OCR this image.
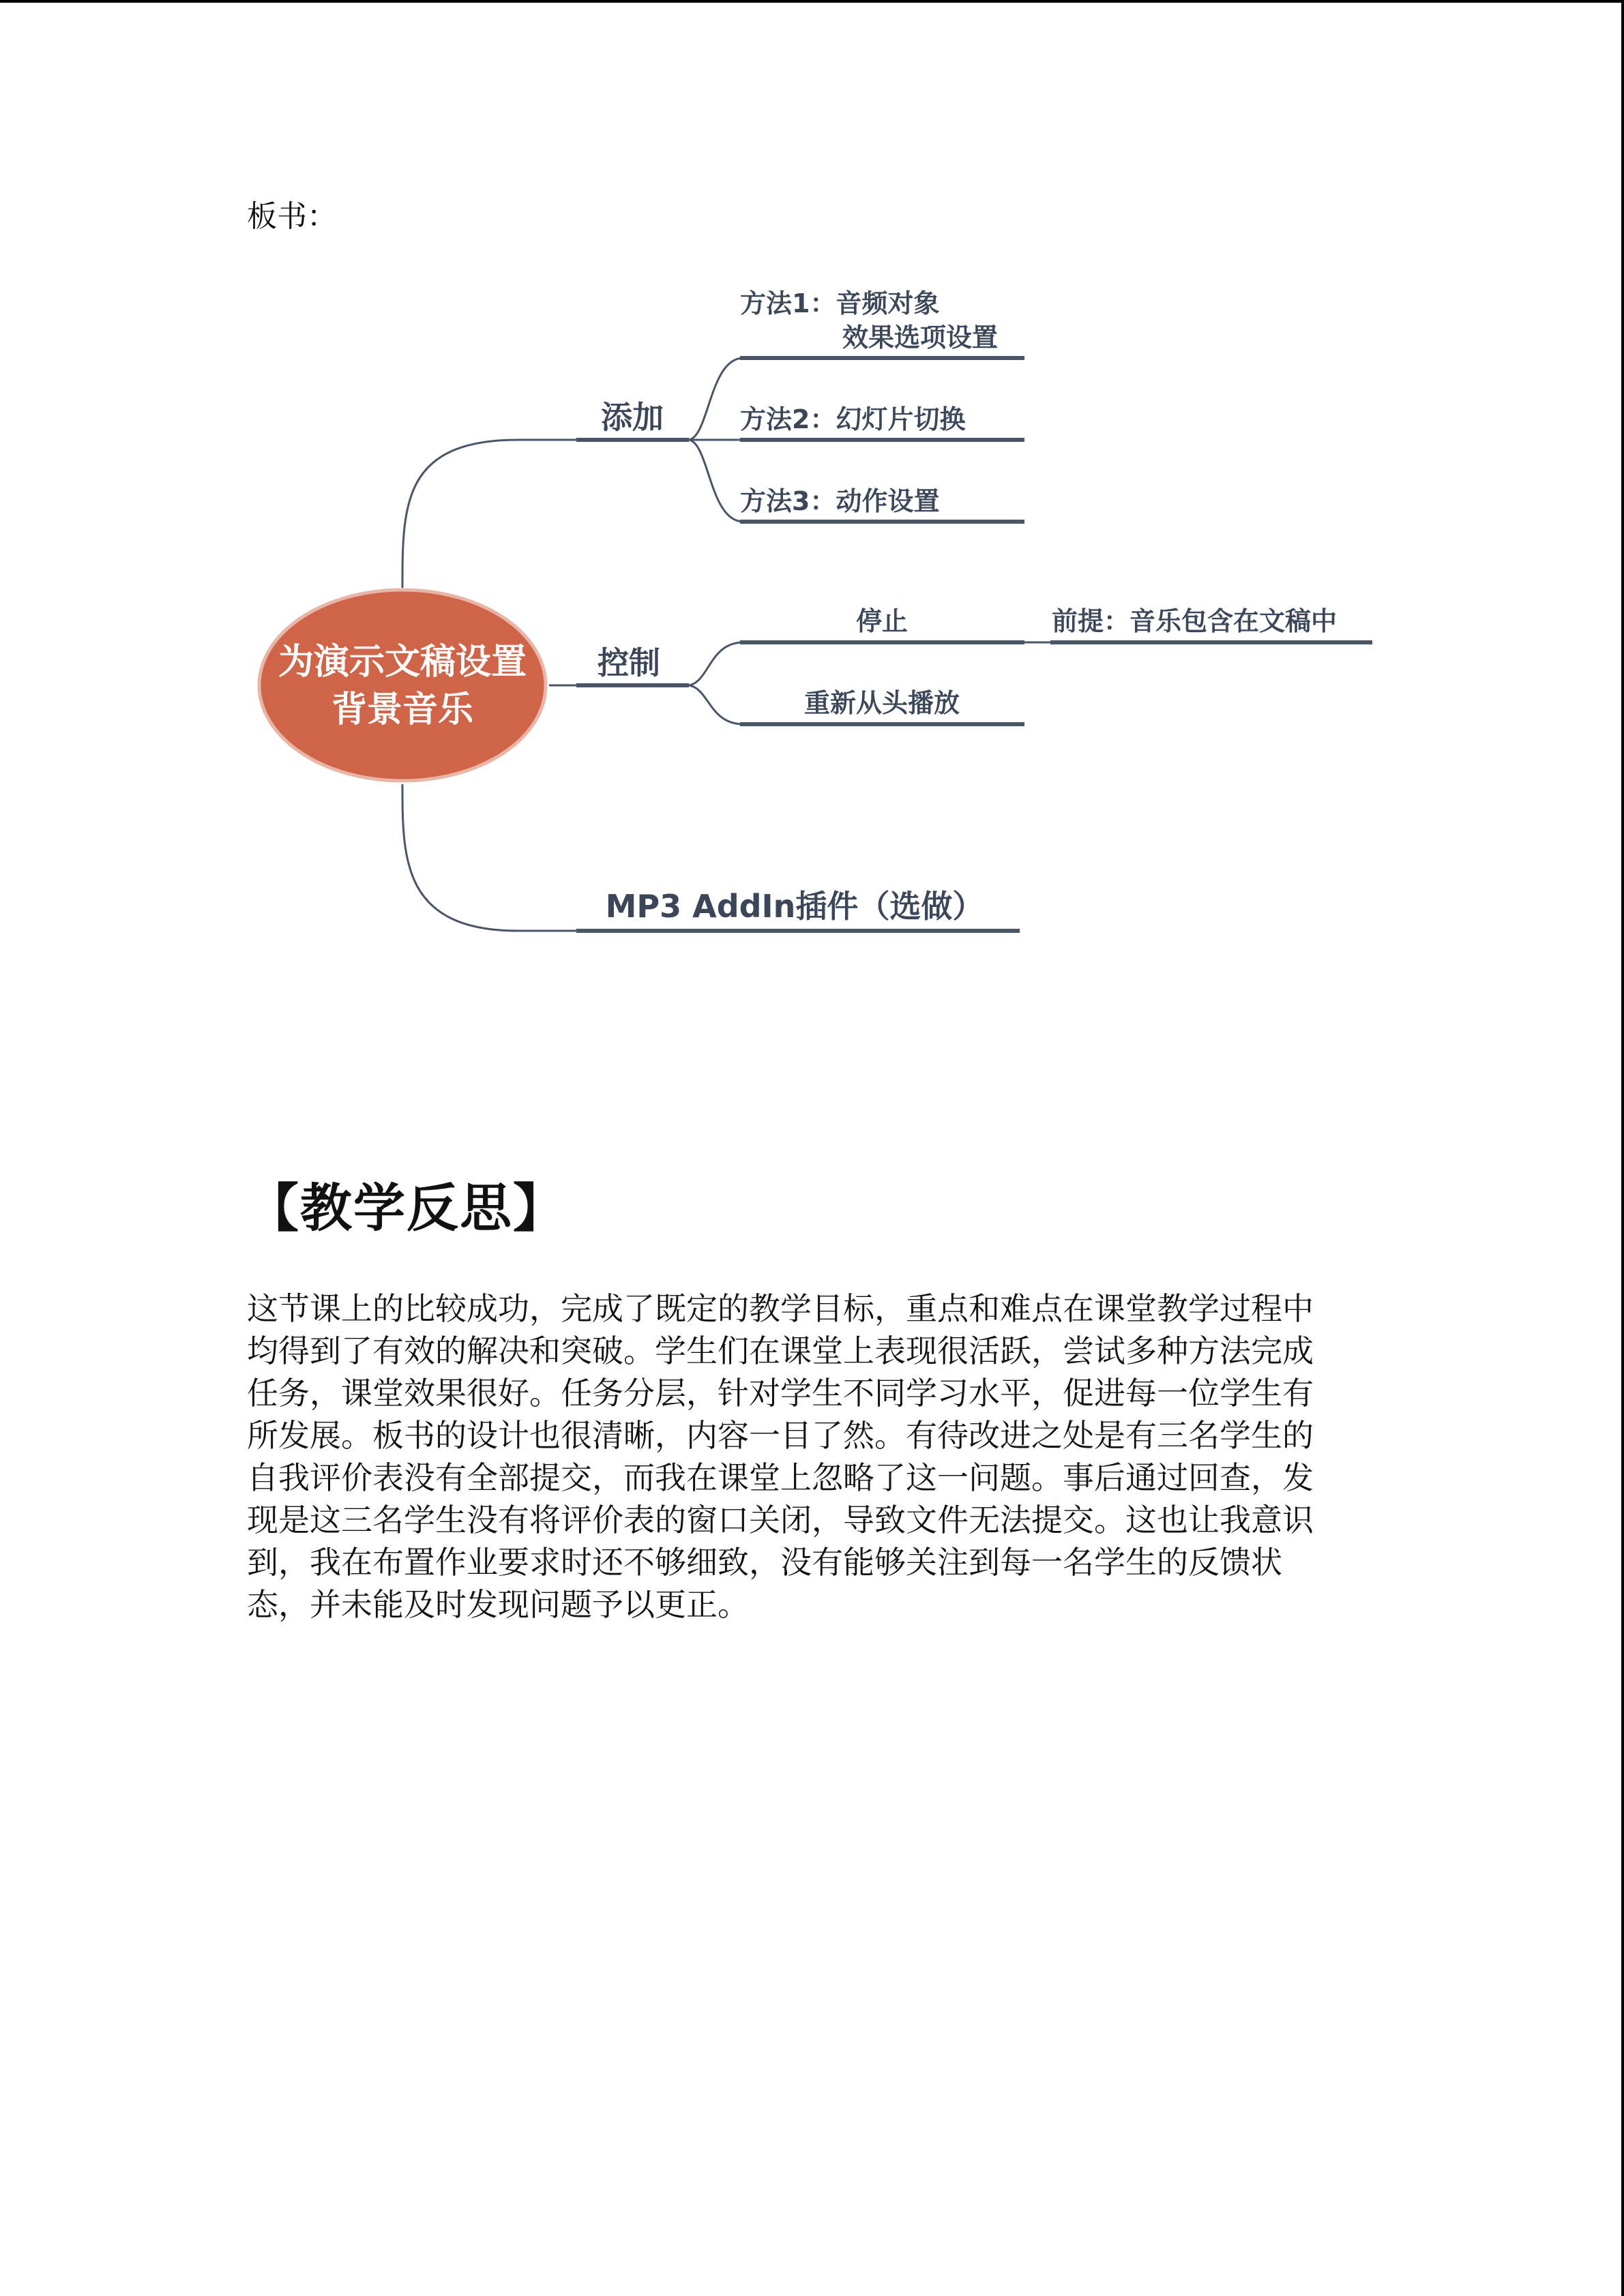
板书：
为演示文稿设置
背景音乐
添加
控制
MP3 AddIn插件（选做）
方法1：音频对象
效果选项设置
方法2：幻灯片切换
方法3：动作设置
停止	前提：音乐包含在文稿中
重新从头播放
【教学反思】
这节课上的比较成功，完成了既定的教学目标，重点和难点在课堂教学过程中
均得到了有效的解决和突破。学生们在课堂上表现很活跃，尝试多种方法完成
任务，课堂效果很好。任务分层，针对学生不同学习水平，促进每一位学生有
所发展。板书的设计也很清晰，内容一目了然。有待改进之处是有三名学生的
自我评价表没有全部提交，而我在课堂上忽略了这一问题。事后通过回查，发
现是这三名学生没有将评价表的窗口关闭，导致文件无法提交。这也让我意识
到，我在布置作业要求时还不够细致，没有能够关注到每一名学生的反馈状
态，并未能及时发现问题予以更正。
